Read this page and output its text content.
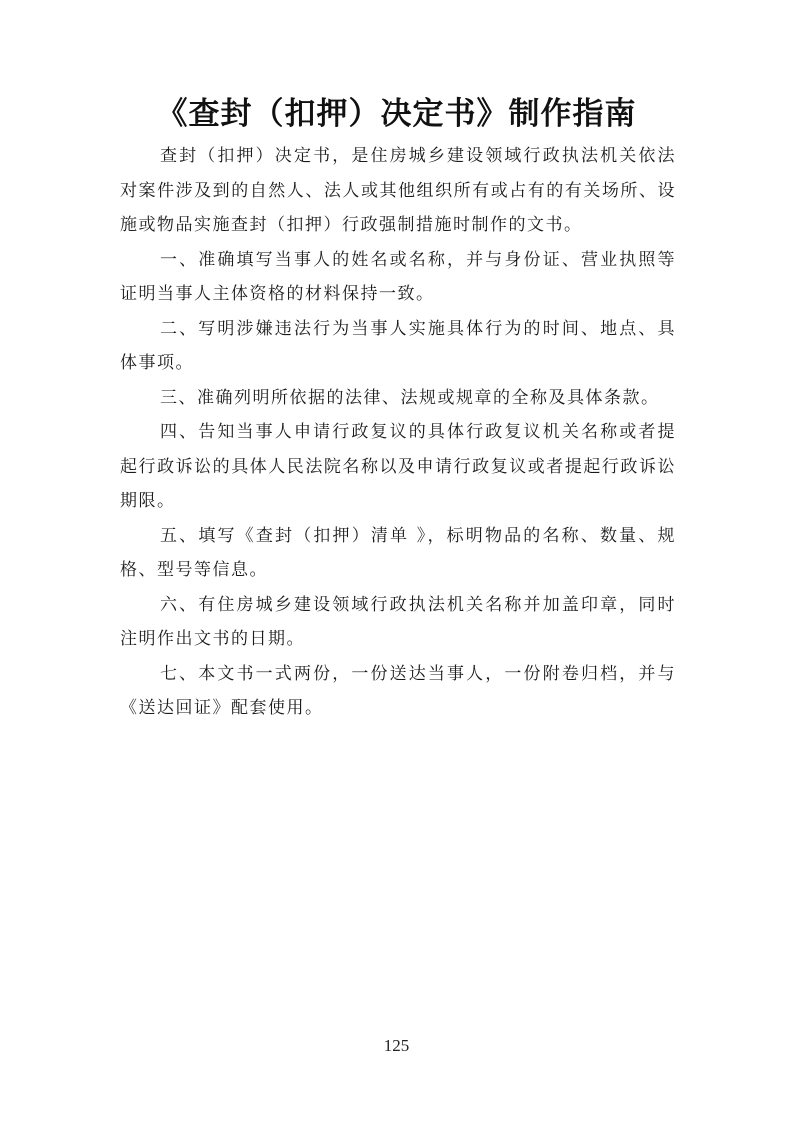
《查封（扣押）决定书》制作指南

查封（扣押）决定书，是住房城乡建设领域行政执法机关依法对案件涉及到的自然人、法人或其他组织所有或占有的有关场所、设施或物品实施查封（扣押）行政强制措施时制作的文书。

一、准确填写当事人的姓名或名称，并与身份证、营业执照等证明当事人主体资格的材料保持一致。

二、写明涉嫌违法行为当事人实施具体行为的时间、地点、具体事项。

三、准确列明所依据的法律、法规或规章的全称及具体条款。

四、告知当事人申请行政复议的具体行政复议机关名称或者提起行政诉讼的具体人民法院名称以及申请行政复议或者提起行政诉讼期限。

五、填写《查封（扣押）清单 》，标明物品的名称、数量、规格、型号等信息。

六、有住房城乡建设领域行政执法机关名称并加盖印章，同时注明作出文书的日期。

七、本文书一式两份，一份送达当事人，一份附卷归档，并与《送达回证》配套使用。

125
